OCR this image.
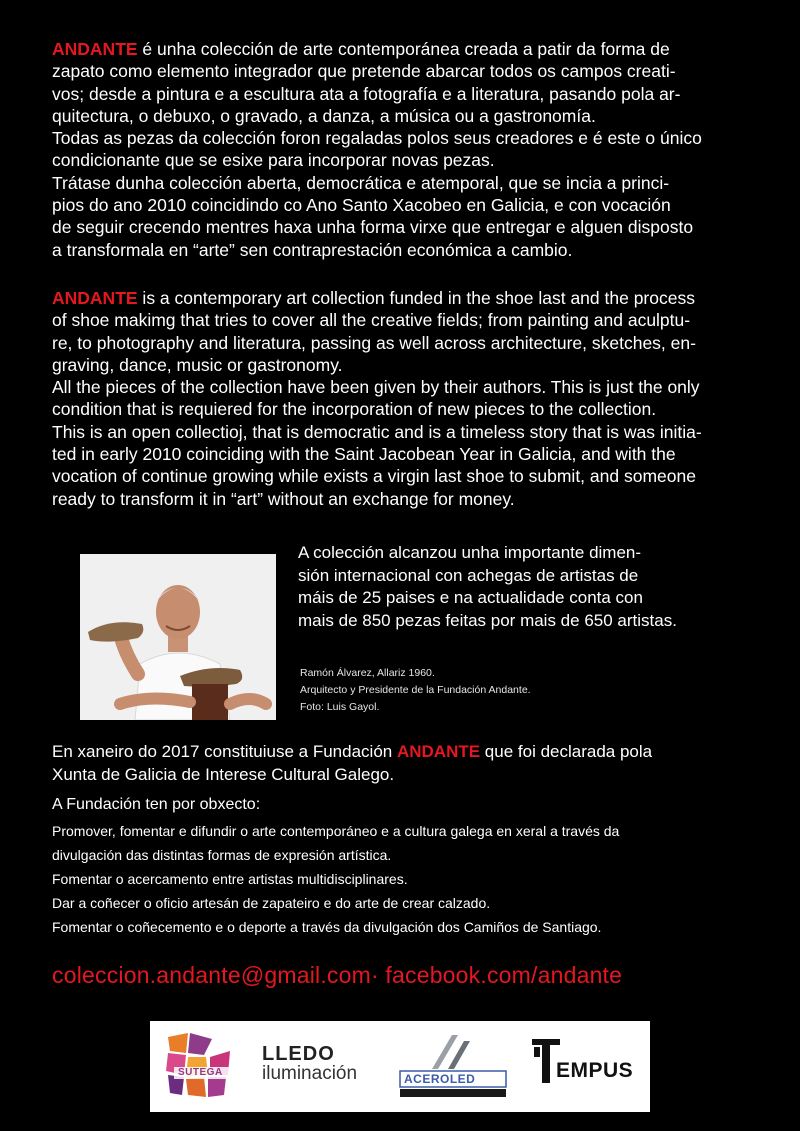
ANDANTE é unha colección de arte contemporánea creada a patir da forma de

zapato como elemento integrador que pretende abarcar todos os campos creati-

vos; desde a pintura e a escultura ata a fotografía e a literatura, pasando pola ar-

quitectura, o debuxo, o gravado, a danza, a música ou a gastronomía.

Todas as pezas da colección foron regaladas polos seus creadores e é este o único

condicionante que se esixe para incorporar novas pezas.

Trátase dunha colección aberta, democrática e atemporal, que se incia a princi-

pios do ano 2010 coincidindo co Ano Santo Xacobeo en Galicia, e con vocación

de seguir crecendo mentres haxa unha forma virxe que entregar e alguen disposto

a transformala en “arte” sen contraprestación económica a cambio.

ANDANTE is a contemporary art collection funded in the shoe last and the process

of shoe makimg that tries to cover all the creative fields; from painting and aculptu-

re, to photography and literatura, passing as well across architecture, sketches, en-

graving, dance, music or gastronomy.

All the pieces of the collection have been given by their authors. This is just the only

condition that is requiered for the incorporation of new pieces to the collection.

This is an open collectioj, that is democratic and is a timeless story that is was initia-

ted in early 2010 coinciding with the Saint Jacobean Year in Galicia, and with the

vocation of continue growing while exists a virgin last shoe to submit, and someone

ready to transform it in “art” without an exchange for money.

A colección alcanzou unha importante dimen-
sión internacional con achegas de artistas de
máis de 25 paises e na actualidade conta con
mais de 850 pezas feitas por mais de 650 artistas.
Ramón Álvarez, Allariz 1960.
Arquitecto y Presidente de la Fundación Andante.
Foto: Luis Gayol.

En xaneiro do 2017 constituiuse a Fundación ANDANTE que foi declarada pola

Xunta de Galicia de Interese Cultural Galego.

A Fundación ten por obxecto:

Promover, fomentar e difundir o arte contemporáneo e a cultura galega en xeral a través da

divulgación das distintas formas de expresión artística.

Fomentar o acercamento entre artistas multidisciplinares.

Dar a coñecer o oficio artesán de zapateiro e do arte de crear calzado.

Fomentar o coñecemento e o deporte a través da divulgación dos Camiños de Santiago.

coleccion.andante@gmail.com· facebook.com/andante
SUTEGA
LLEDO
iluminación	ACEROLED	EMPUS
